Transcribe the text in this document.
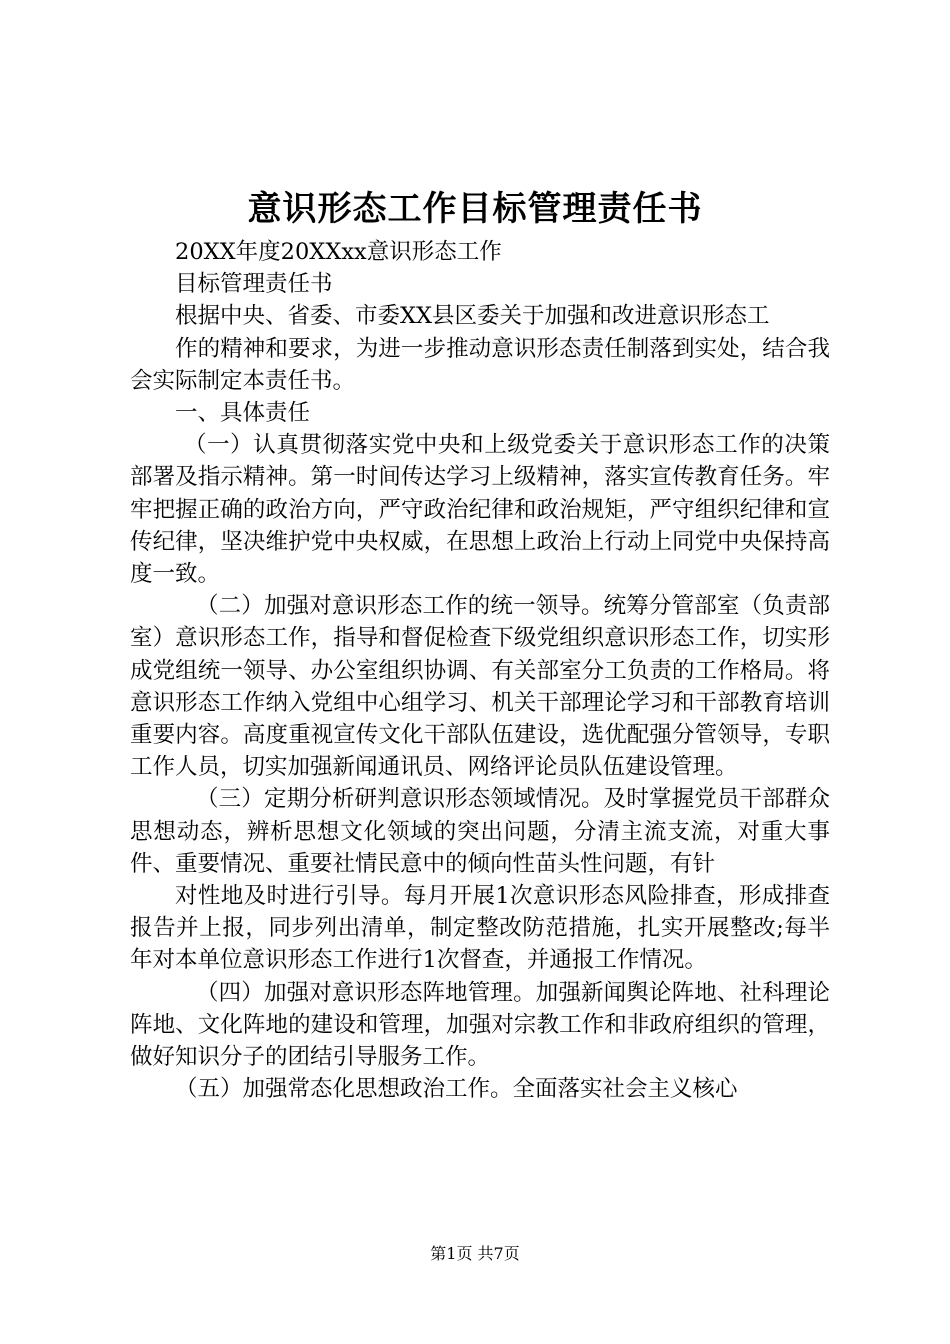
意识形态工作目标管理责任书

20XX年度20XXxx意识形态工作

目标管理责任书

根据中央、省委、市委XX县区委关于加强和改进意识形态工

作的精神和要求，为进一步推动意识形态责任制落到实处，结合我会实际制定本责任书。

一、具体责任

（一）认真贯彻落实党中央和上级党委关于意识形态工作的决策部署及指示精神。第一时间传达学习上级精神，落实宣传教育任务。牢牢把握正确的政治方向，严守政治纪律和政治规矩，严守组织纪律和宣传纪律，坚决维护党中央权威，在思想上政治上行动上同党中央保持高度一致。

（二）加强对意识形态工作的统一领导。统筹分管部室（负责部室）意识形态工作，指导和督促检查下级党组织意识形态工作，切实形成党组统一领导、办公室组织协调、有关部室分工负责的工作格局。将意识形态工作纳入党组中心组学习、机关干部理论学习和干部教育培训重要内容。高度重视宣传文化干部队伍建设，选优配强分管领导，专职工作人员，切实加强新闻通讯员、网络评论员队伍建设管理。

（三）定期分析研判意识形态领域情况。及时掌握党员干部群众思想动态，辨析思想文化领域的突出问题，分清主流支流，对重大事件、重要情况、重要社情民意中的倾向性苗头性问题，有针

对性地及时进行引导。每月开展1次意识形态风险排查，形成排查报告并上报，同步列出清单，制定整改防范措施，扎实开展整改;每半年对本单位意识形态工作进行1次督查，并通报工作情况。

（四）加强对意识形态阵地管理。加强新闻舆论阵地、社科理论阵地、文化阵地的建设和管理，加强对宗教工作和非政府组织的管理，做好知识分子的团结引导服务工作。

（五）加强常态化思想政治工作。全面落实社会主义核心

第1页 共7页
